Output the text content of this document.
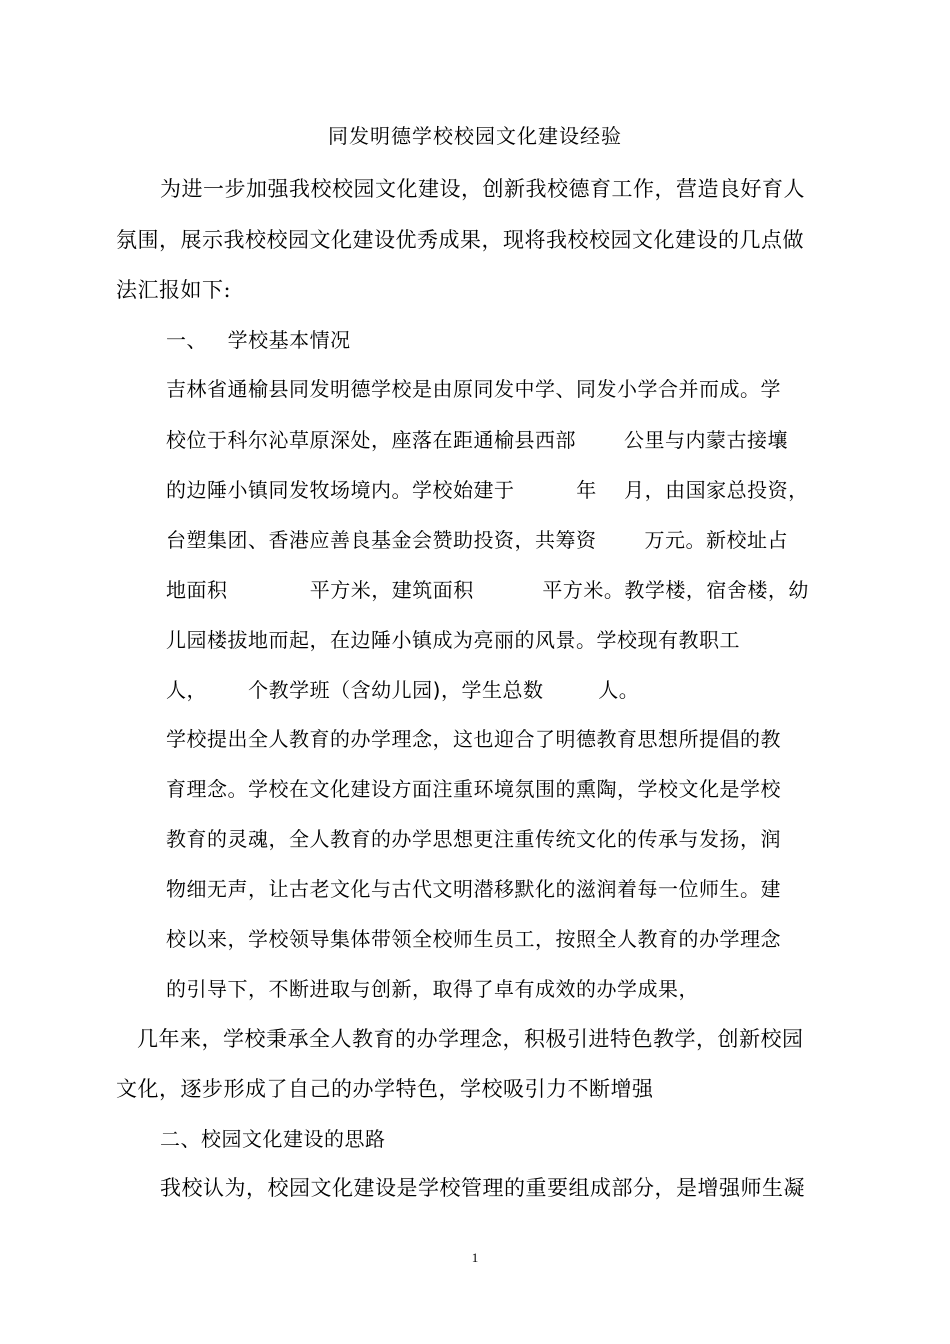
同发明德学校校园文化建设经验
为进一步加强我校校园文化建设，创新我校德育工作，营造良好育人
氛围，展示我校校园文化建设优秀成果，现将我校校园文化建设的几点做
法汇报如下:
一、   学校基本情况
吉林省通榆县同发明德学校是由原同发中学、同发小学合并而成。学
校位于科尔沁草原深处，座落在距通榆县西部       公里与内蒙古接壤
的边陲小镇同发牧场境内。学校始建于         年    月，由国家总投资，
台塑集团、香港应善良基金会赞助投资，共筹资       万元。新校址占
地面积            平方米，建筑面积          平方米。教学楼，宿舍楼，幼
儿园楼拔地而起，在边陲小镇成为亮丽的风景。学校现有教职工
人，      个教学班（含幼儿园)，学生总数        人。
学校提出全人教育的办学理念，这也迎合了明德教育思想所提倡的教
育理念。学校在文化建设方面注重环境氛围的熏陶，学校文化是学校
教育的灵魂，全人教育的办学思想更注重传统文化的传承与发扬，润
物细无声，让古老文化与古代文明潜移默化的滋润着每一位师生。建
校以来，学校领导集体带领全校师生员工，按照全人教育的办学理念
的引导下，不断进取与创新，取得了卓有成效的办学成果，
几年来，学校秉承全人教育的办学理念，积极引进特色教学，创新校园
文化，逐步形成了自己的办学特色，学校吸引力不断增强
二、校园文化建设的思路
我校认为，校园文化建设是学校管理的重要组成部分，是增强师生凝
1
